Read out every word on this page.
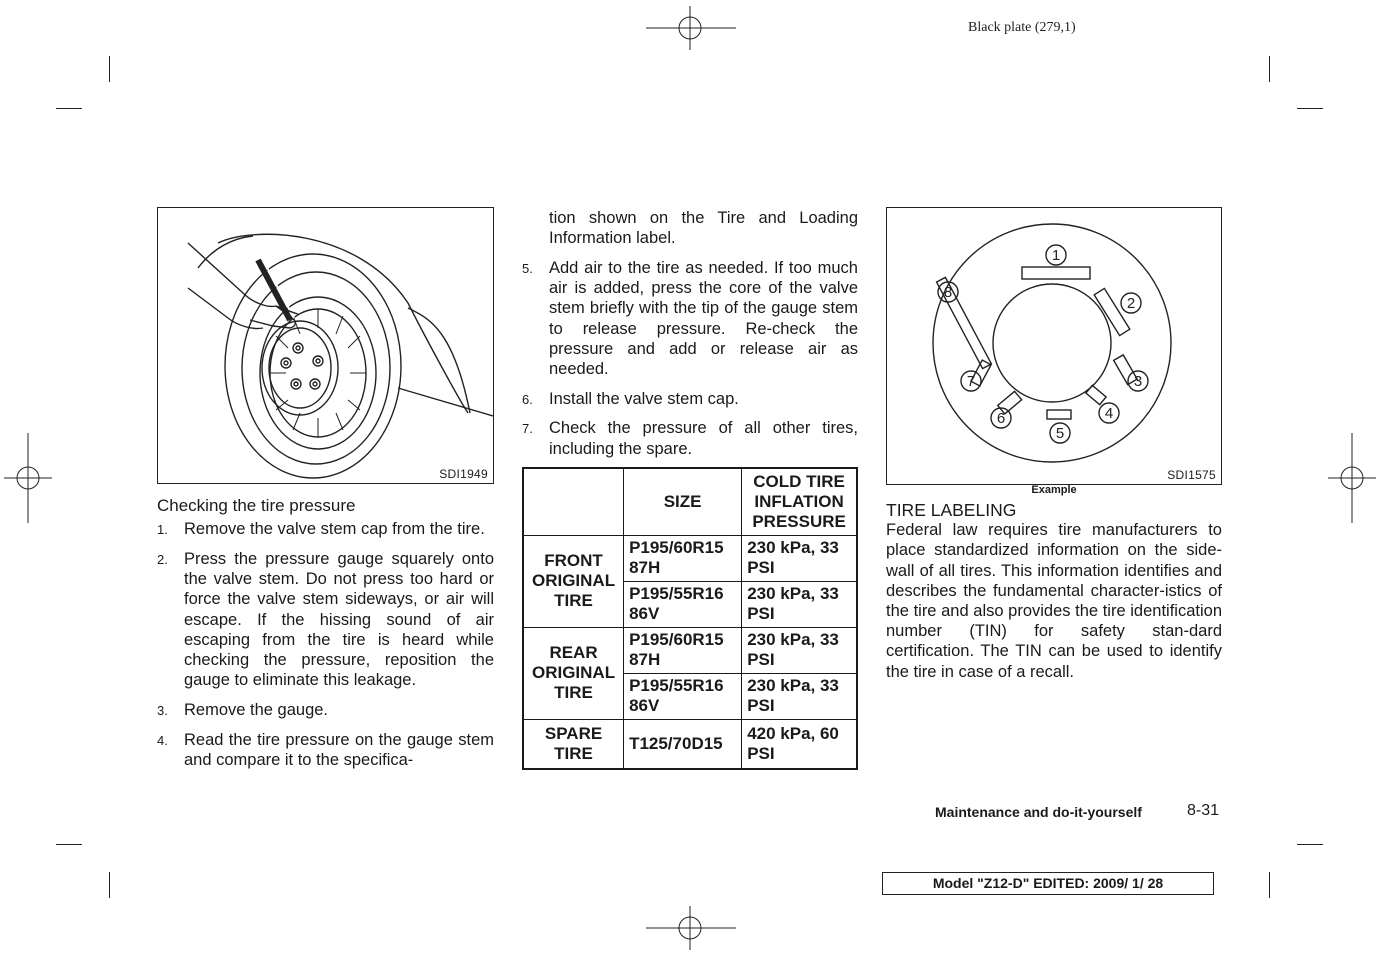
Black plate (279,1)
SDI1949

Checking the tire pressure

1. Remove the valve stem cap from the tire.
2. Press the pressure gauge squarely onto the valve stem. Do not press too hard or force the valve stem sideways, or air will escape. If the hissing sound of air escaping from the tire is heard while checking the pressure, reposition the gauge to eliminate this leakage.
3. Remove the gauge.
4. Read the tire pressure on the gauge stem and compare it to the specifica-

tion shown on the Tire and Loading Information label.

5. Add air to the tire as needed. If too much air is added, press the core of the valve stem briefly with the tip of the gauge stem to release pressure. Re-check the pressure and add or release air as needed.
6. Install the valve stem cap.
7. Check the pressure of all other tires, including the spare.
	SIZE	COLD TIRE INFLATION PRESSURE
FRONT ORIGINAL TIRE	P195/60R15 87H	230 kPa, 33 PSI
	P195/55R16 86V	230 kPa, 33 PSI
REAR ORIGINAL TIRE	P195/60R15 87H	230 kPa, 33 PSI
	P195/55R16 86V	230 kPa, 33 PSI
SPARE TIRE	T125/70D15	420 kPa, 60 PSI
1
2
3
4
5
6
7
8
SDI1575
Example

TIRE LABELING

Federal law requires tire manufacturers to place standardized information on the side-wall of all tires. This information identifies and describes the fundamental character-istics of the tire and also provides the tire identification number (TIN) for safety stan-dard certification. The TIN can be used to identify the tire in case of a recall.

Maintenance and do-it-yourself	8-31
Model "Z12-D" EDITED: 2009/ 1/ 28
